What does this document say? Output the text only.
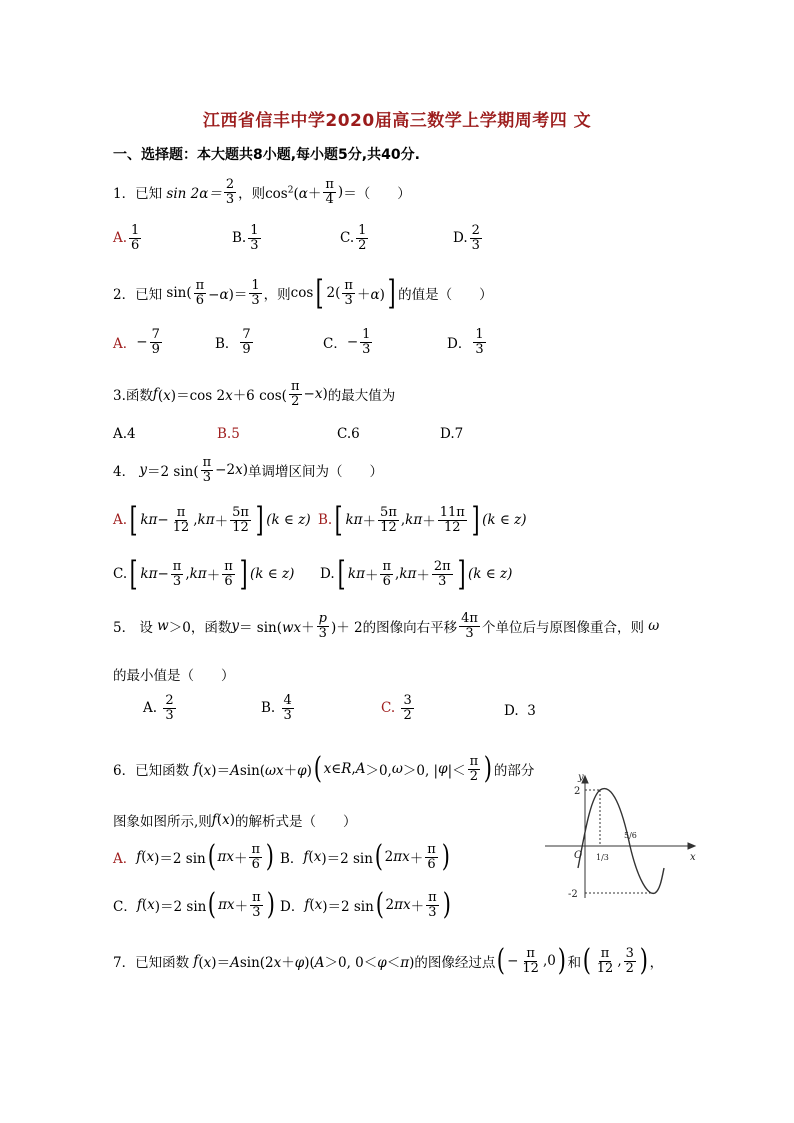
江西省信丰中学2020届高三数学上学期周考四 文
一、选择题：本大题共8小题,每小题5分,共40分.
1．已知 $\sin 2\alpha= \frac{2}{3}$ ，则 $\cos^2(\alpha+ \frac{\pi}{4}$ ) ＝（　　）
A. $\frac{1}{6}$	B. $\frac{1}{3}$	C. $\frac{1}{2}$	D. $\frac{2}{3}$
2．已知 $\sin( \frac{\pi}{6} -\alpha)= \frac{1}{3}$ ，则 cos [ $2( \frac{\pi}{3} +\alpha)$ ] 的值是（　　）
A． − $\frac{7}{9}$	B． $\frac{7}{9}$	C． − $\frac{1}{3}$	D． $\frac{1}{3}$
3.函数 f (x)＝cos 2x＋6 $\cos( \frac{\pi}{2} -x)$ 的最大值为
A.4	B.5	C.6	D.7
4． y ＝2 $\sin( \frac{\pi}{3} -2x)$ 单调增区间为（　　）
A. [ $k\pi - \frac{\pi}{12}$ , $k\pi + \frac{5\pi}{12}$ ] (k ∈ z) B. [ $k\pi + \frac{5\pi}{12}$ , $k\pi + \frac{11\pi}{12}$ ] (k ∈ z)
C. [ $k\pi - \frac{\pi}{3}$ , $k\pi + \frac{\pi}{6}$ ] (k ∈ z) D. [ $k\pi + \frac{\pi}{6}$ , $k\pi + \frac{2\pi}{3}$ ] (k ∈ z)
5． 设 w ＞0 ，函数 $y = \sin(wx+ \frac{p}{3}$ )＋ 2 的图像向右平移 $\frac{4\pi}{3}$ 个单位后与原图像重合，则 ω
的最小值是（　　）
A.
$\frac{2}{3}$	B.
$\frac{4}{3}$	C.
$\frac{3}{2}$	D.
3
6．已知函数 f (x)＝Asin(ωx＋φ) ( x ∈ R , A ＞0, ω ＞0, | φ |＜ $\frac{\pi}{2}$ ) 的部分
图象如图所示,则 f ( x ) 的解析式是（　　）
A． f ( x )＝2 sin ( $\pi x + \frac{\pi}{6}$ ) B． f ( x )＝2 sin ( 2 $\pi x + \frac{\pi}{6}$ )
C． f ( x )＝2 sin ( $\pi x + \frac{\pi}{3}$ ) D． f ( x )＝2 sin ( 2 $\pi x + \frac{\pi}{3}$ )
y
x
O
2
-2
1/3
5/6
7．已知函数 f (x)＝Asin(2x＋φ)(A＞0, 0＜φ＜π) 的图像经过点 ( − $\frac{\pi}{12} ,0$ ) 和 ( $\frac{\pi}{12}$ , $\frac{3}{2}$ ) ，
